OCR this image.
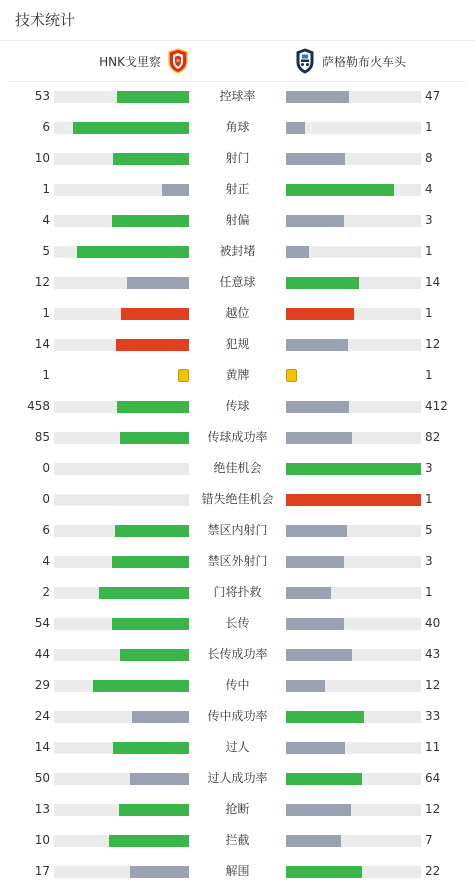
技术统计
HNK戈里察	萨格勒布火车头
53	控球率	47
6	角球	1
10	射门	8
1	射正	4
4	射偏	3
5	被封堵	1
12	任意球	14
1	越位	1
14	犯规	12
1	黄牌	1
458	传球	412
85	传球成功率	82
0	绝佳机会	3
0	错失绝佳机会	1
6	禁区内射门	5
4	禁区外射门	3
2	门将扑救	1
54	长传	40
44	长传成功率	43
29	传中	12
24	传中成功率	33
14	过人	11
50	过人成功率	64
13	抢断	12
10	拦截	7
17	解围	22
